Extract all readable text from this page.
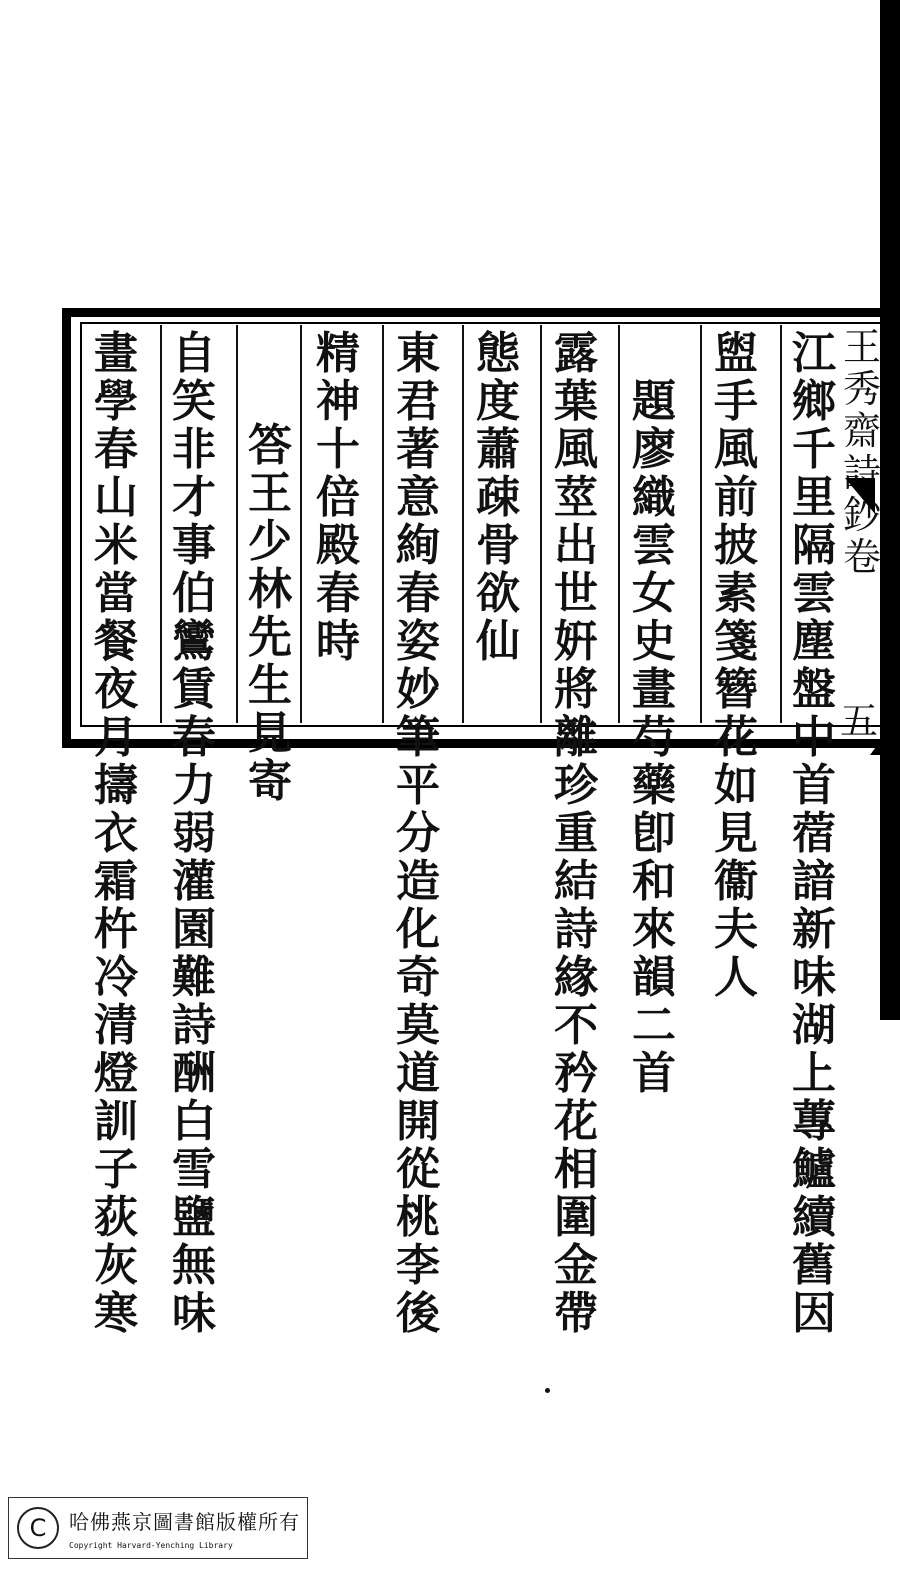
王
秀
齋
詩
鈔
卷
五
江
鄉
千
里
隔
雲
塵
盤
中
首
蓿
諳
新
味
湖
上
蓴
鱸
續
舊
因
盥
手
風
前
披
素
箋
簪
花
如
見
衞
夫
人
題
廖
織
雲
女
史
畫
芍
藥
卽
和
來
韻
二
首
露
葉
風
莖
出
世
姸
將
離
珍
重
結
詩
緣
不
矜
花
相
圍
金
帶
態
度
蕭
疎
骨
欲
仙
東
君
著
意
絢
春
姿
妙
筆
平
分
造
化
奇
莫
道
開
從
桃
李
後
精
神
十
倍
殿
春
時
答
王
少
林
先
生
見
寄
自
笑
非
才
事
伯
鸞
賃
春
力
弱
灌
園
難
詩
酬
白
雪
鹽
無
味
畫
學
春
山
米
當
餐
夜
月
擣
衣
霜
杵
冷
清
燈
訓
子
荻
灰
寒
C	哈佛燕京圖書館版權所有
Copyright Harvard-Yenching Library
